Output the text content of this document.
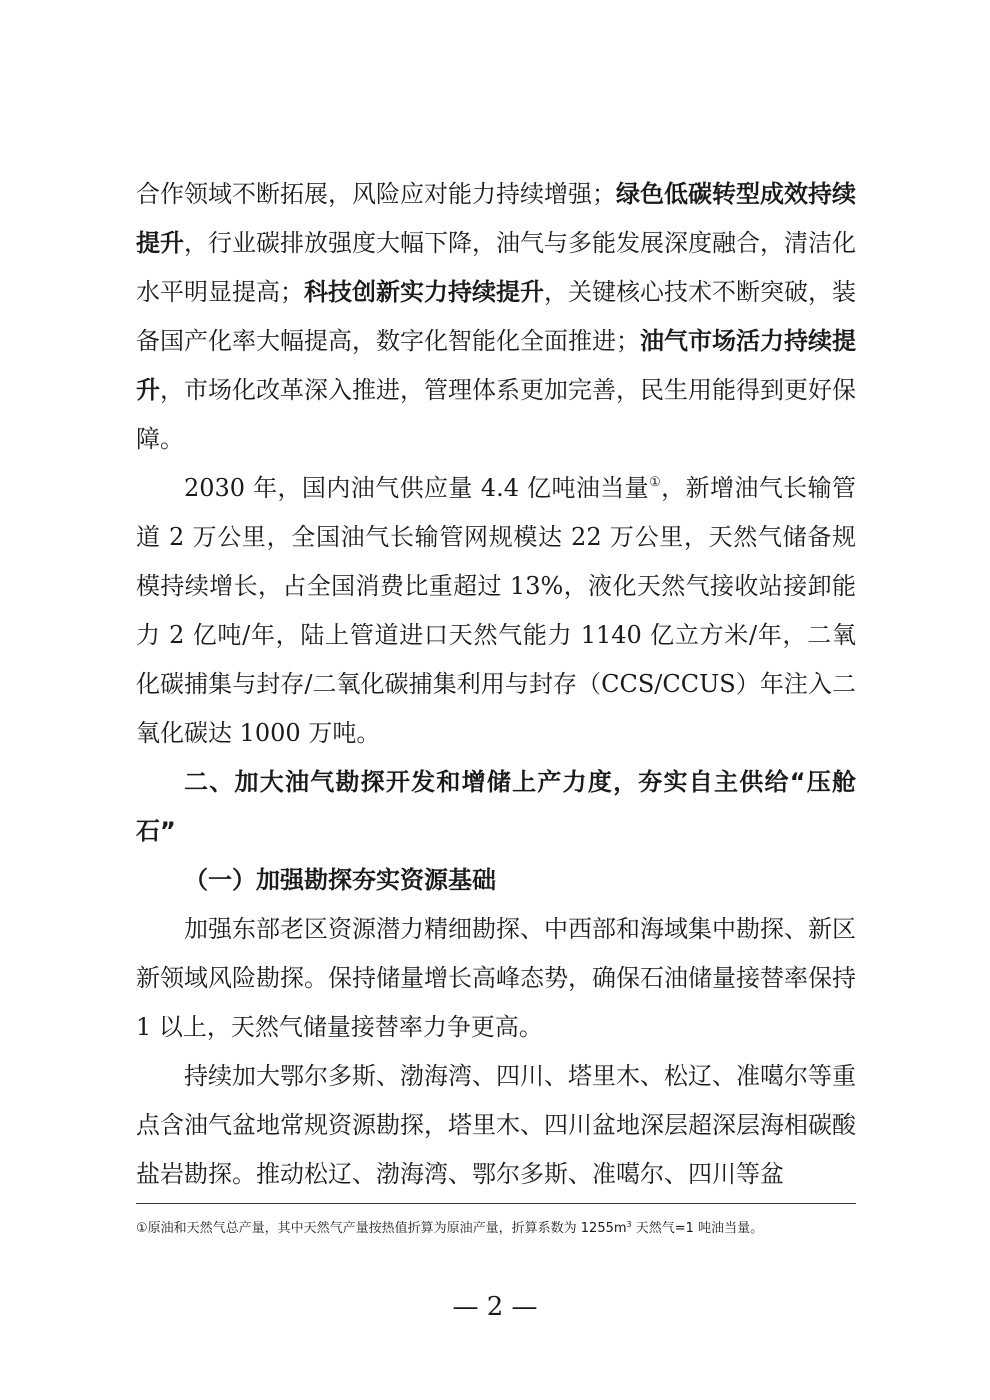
合作领域不断拓展，风险应对能力持续增强；绿色低碳转型成效持续提升，行业碳排放强度大幅下降，油气与多能发展深度融合，清洁化水平明显提高；科技创新实力持续提升，关键核心技术不断突破，装备国产化率大幅提高，数字化智能化全面推进；油气市场活力持续提升，市场化改革深入推进，管理体系更加完善，民生用能得到更好保障。

2030 年，国内油气供应量 4.4 亿吨油当量①，新增油气长输管道 2 万公里，全国油气长输管网规模达 22 万公里，天然气储备规模持续增长，占全国消费比重超过 13%，液化天然气接收站接卸能力 2 亿吨/年，陆上管道进口天然气能力 1140 亿立方米/年，二氧化碳捕集与封存/二氧化碳捕集利用与封存（CCS/CCUS）年注入二氧化碳达 1000 万吨。

二、加大油气勘探开发和增储上产力度，夯实自主供给“压舱石”

（一）加强勘探夯实资源基础

加强东部老区资源潜力精细勘探、中西部和海域集中勘探、新区新领域风险勘探。保持储量增长高峰态势，确保石油储量接替率保持 1 以上，天然气储量接替率力争更高。

持续加大鄂尔多斯、渤海湾、四川、塔里木、松辽、准噶尔等重点含油气盆地常规资源勘探，塔里木、四川盆地深层超深层海相碳酸盐岩勘探。推动松辽、渤海湾、鄂尔多斯、准噶尔、四川等盆

①原油和天然气总产量，其中天然气产量按热值折算为原油产量，折算系数为 $1255m^3$ 天然气=1 吨油当量。
— 2 —
